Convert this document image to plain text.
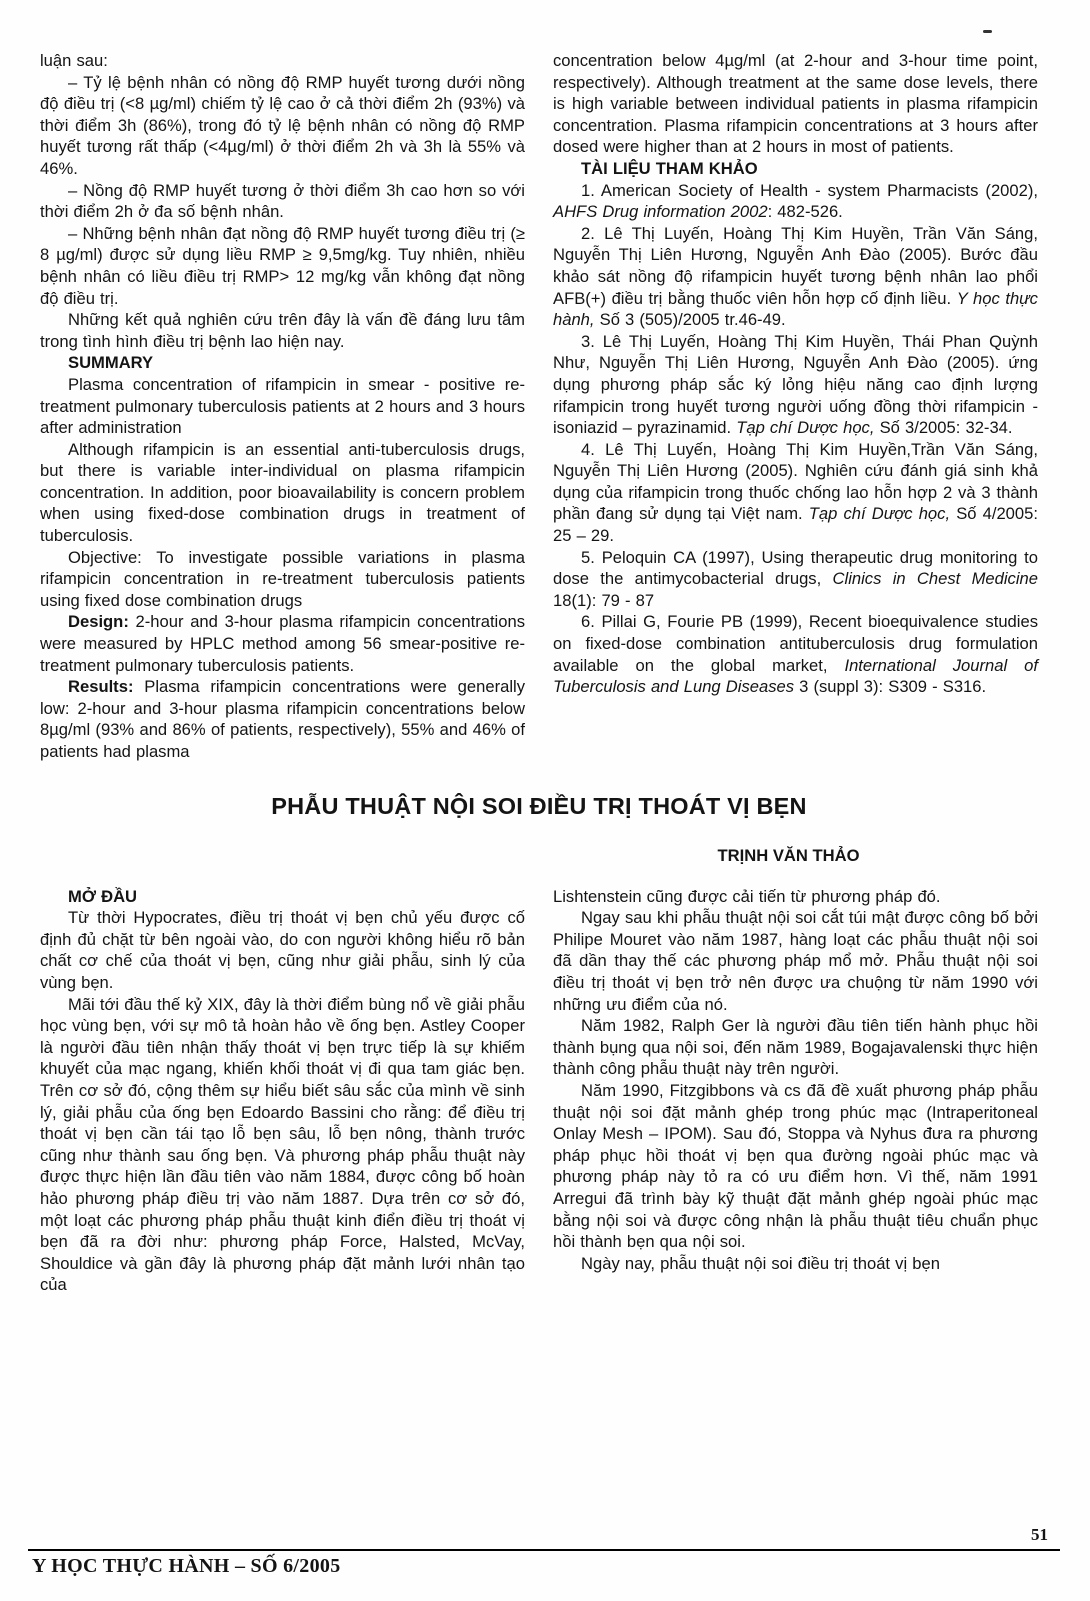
luận sau:

– Tỷ lệ bệnh nhân có nồng độ RMP huyết tương dưới nồng độ điều trị (<8 µg/ml) chiếm tỷ lệ cao ở cả thời điểm 2h (93%) và thời điểm 3h (86%), trong đó tỷ lệ bệnh nhân có nồng độ RMP huyết tương rất thấp (<4µg/ml) ở thời điểm 2h và 3h là 55% và 46%.

– Nồng độ RMP huyết tương ở thời điểm 3h cao hơn so với thời điểm 2h ở đa số bệnh nhân.

– Những bệnh nhân đạt nồng độ RMP huyết tương điều trị (≥ 8 µg/ml) được sử dụng liều RMP ≥ 9,5mg/kg. Tuy nhiên, nhiều bệnh nhân có liều điều trị RMP> 12 mg/kg vẫn không đạt nồng độ điều trị.

Những kết quả nghiên cứu trên đây là vấn đề đáng lưu tâm trong tình hình điều trị bệnh lao hiện nay.

SUMMARY

Plasma concentration of rifampicin in smear - positive re-treatment pulmonary tuberculosis patients at 2 hours and 3 hours after administration

Although rifampicin is an essential anti-tuberculosis drugs, but there is variable inter-individual on plasma rifampicin concentration. In addition, poor bioavailability is concern problem when using fixed-dose combination drugs in treatment of tuberculosis.

Objective: To investigate possible variations in plasma rifampicin concentration in re-treatment tuberculosis patients using fixed dose combination drugs

Design: 2-hour and 3-hour plasma rifampicin concentrations were measured by HPLC method among 56 smear-positive re-treatment pulmonary tuberculosis patients.

Results: Plasma rifampicin concentrations were generally low: 2-hour and 3-hour plasma rifampicin concentrations below 8µg/ml (93% and 86% of patients, respectively), 55% and 46% of patients had plasma

concentration below 4µg/ml (at 2-hour and 3-hour time point, respectively). Although treatment at the same dose levels, there is high variable between individual patients in plasma rifampicin concentration. Plasma rifampicin concentrations at 3 hours after dosed were higher than at 2 hours in most of patients.

TÀI LIỆU THAM KHẢO

1. American Society of Health - system Pharmacists (2002), AHFS Drug information 2002: 482-526.

2. Lê Thị Luyến, Hoàng Thị Kim Huyền, Trần Văn Sáng, Nguyễn Thị Liên Hương, Nguyễn Anh Đào (2005). Bước đầu khảo sát nồng độ rifampicin huyết tương bệnh nhân lao phổi AFB(+) điều trị bằng thuốc viên hỗn hợp cố định liều. Y học thực hành, Số 3 (505)/2005 tr.46-49.

3. Lê Thị Luyến, Hoàng Thị Kim Huyền, Thái Phan Quỳnh Như, Nguyễn Thị Liên Hương, Nguyễn Anh Đào (2005). ứng dụng phương pháp sắc ký lỏng hiệu năng cao định lượng rifampicin trong huyết tương người uống đồng thời rifampicin - isoniazid – pyrazinamid. Tạp chí Dược học, Số 3/2005: 32-34.

4. Lê Thị Luyến, Hoàng Thị Kim Huyền,Trần Văn Sáng, Nguyễn Thị Liên Hương (2005). Nghiên cứu đánh giá sinh khả dụng của rifampicin trong thuốc chống lao hỗn hợp 2 và 3 thành phần đang sử dụng tại Việt nam. Tạp chí Dược học, Số 4/2005: 25 – 29.

5. Peloquin CA (1997), Using therapeutic drug monitoring to dose the antimycobacterial drugs, Clinics in Chest Medicine 18(1): 79 - 87

6. Pillai G, Fourie PB (1999), Recent bioequivalence studies on fixed-dose combination antituberculosis drug formulation available on the global market, International Journal of Tuberculosis and Lung Diseases 3 (suppl 3): S309 - S316.

PHẪU THUẬT NỘI SOI ĐIỀU TRỊ THOÁT VỊ BẸN
TRỊNH VĂN THẢO

MỞ ĐẦU

Từ thời Hypocrates, điều trị thoát vị bẹn chủ yếu được cố định đủ chặt từ bên ngoài vào, do con người không hiểu rõ bản chất cơ chế của thoát vị bẹn, cũng như giải phẫu, sinh lý của vùng bẹn.

Mãi tới đầu thế kỷ XIX, đây là thời điểm bùng nổ về giải phẫu học vùng bẹn, với sự mô tả hoàn hảo về ống bẹn. Astley Cooper là người đầu tiên nhận thấy thoát vị bẹn trực tiếp là sự khiếm khuyết của mạc ngang, khiến khối thoát vị đi qua tam giác bẹn. Trên cơ sở đó, cộng thêm sự hiểu biết sâu sắc của mình về sinh lý, giải phẫu của ống bẹn Edoardo Bassini cho rằng: để điều trị thoát vị bẹn cần tái tạo lỗ bẹn sâu, lỗ bẹn nông, thành trước cũng như thành sau ống bẹn. Và phương pháp phẫu thuật này được thực hiện lần đầu tiên vào năm 1884, được công bố hoàn hảo phương pháp điều trị vào năm 1887. Dựa trên cơ sở đó, một loạt các phương pháp phẫu thuật kinh điển điều trị thoát vị bẹn đã ra đời như: phương pháp Force, Halsted, McVay, Shouldice và gần đây là phương pháp đặt mảnh lưới nhân tạo của

Lishtenstein cũng được cải tiến từ phương pháp đó.

Ngay sau khi phẫu thuật nội soi cắt túi mật được công bố bởi Philipe Mouret vào năm 1987, hàng loạt các phẫu thuật nội soi đã dần thay thế các phương pháp mổ mở. Phẫu thuật nội soi điều trị thoát vị bẹn trở nên được ưa chuộng từ năm 1990 với những ưu điểm của nó.

Năm 1982, Ralph Ger là người đầu tiên tiến hành phục hồi thành bụng qua nội soi, đến năm 1989, Bogajavalenski thực hiện thành công phẫu thuật này trên người.

Năm 1990, Fitzgibbons và cs đã đề xuất phương pháp phẫu thuật nội soi đặt mảnh ghép trong phúc mạc (Intraperitoneal Onlay Mesh – IPOM). Sau đó, Stoppa và Nyhus đưa ra phương pháp phục hồi thoát vị bẹn qua đường ngoài phúc mạc và phương pháp này tỏ ra có ưu điểm hơn. Vì thế, năm 1991 Arregui đã trình bày kỹ thuật đặt mảnh ghép ngoài phúc mạc bằng nội soi và được công nhận là phẫu thuật tiêu chuẩn phục hồi thành bẹn qua nội soi.

Ngày nay, phẫu thuật nội soi điều trị thoát vị bẹn

Y HỌC THỰC HÀNH – SỐ 6/2005
51
